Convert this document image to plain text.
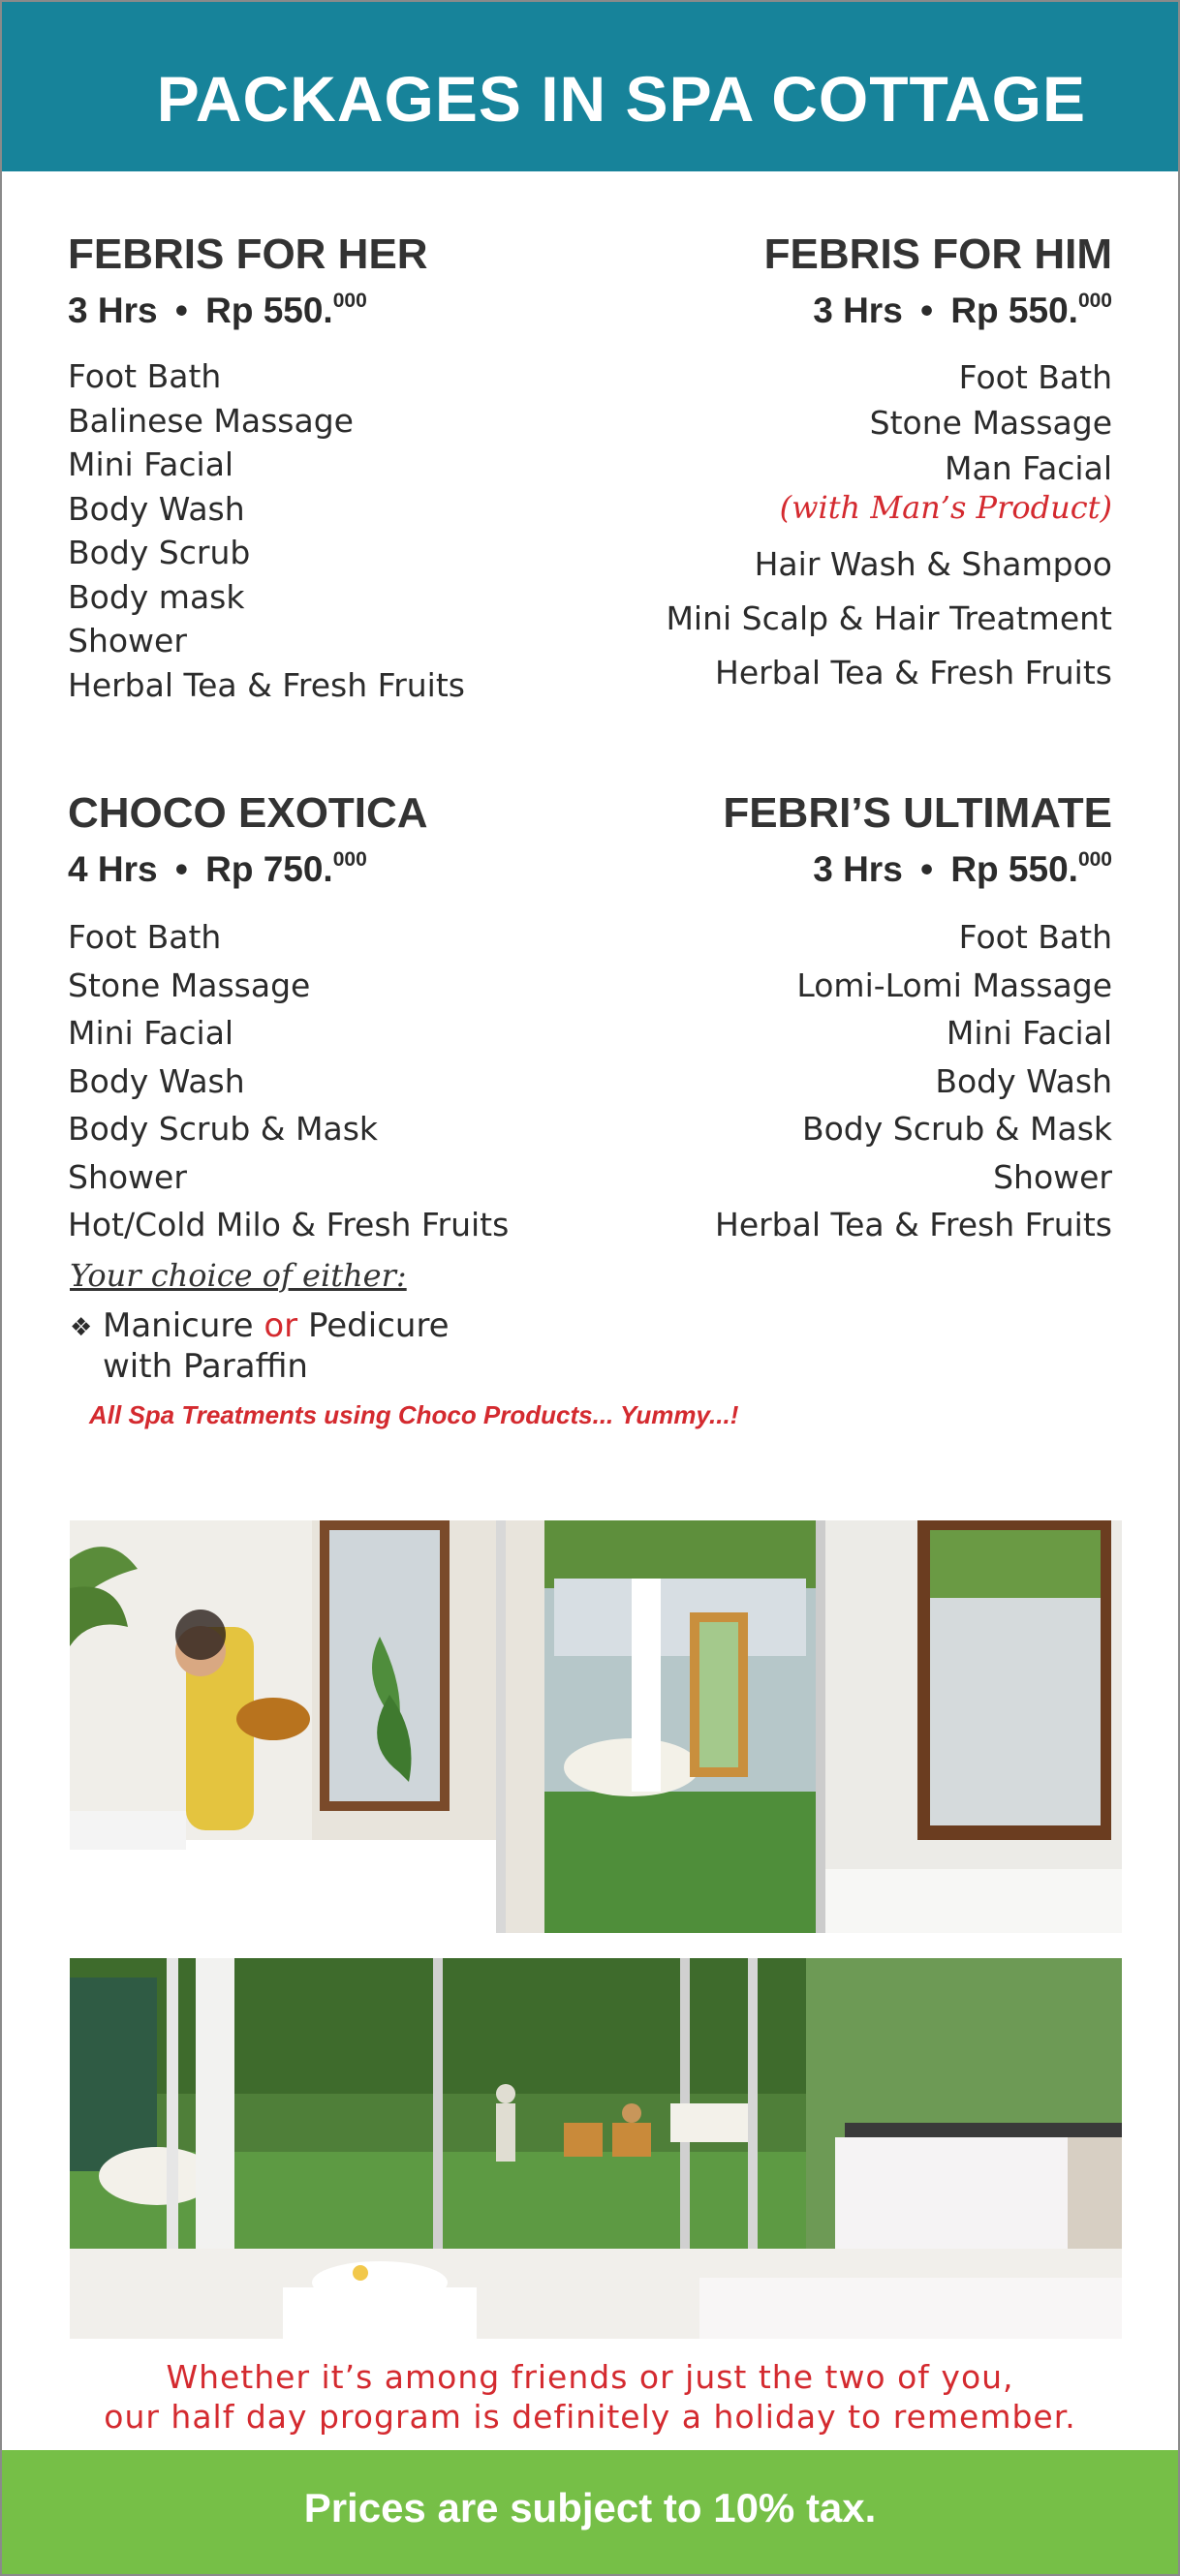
PACKAGES IN SPA COTTAGE
FEBRIS FOR HER
3 Hrs • Rp 550.$^{000}$
Foot Bath
Balinese Massage
Mini Facial
Body Wash
Body Scrub
Body mask
Shower
Herbal Tea & Fresh Fruits
FEBRIS FOR HIM
3 Hrs • Rp 550.$^{000}$
Foot Bath
Stone Massage
Man Facial
(with Man’s Product)
Hair Wash & Shampoo
Mini Scalp & Hair Treatment
Herbal Tea & Fresh Fruits
CHOCO EXOTICA
4 Hrs • Rp 750.$^{000}$
Foot Bath
Stone Massage
Mini Facial
Body Wash
Body Scrub & Mask
Shower
Hot/Cold Milo & Fresh Fruits
FEBRI’S ULTIMATE
3 Hrs • Rp 550.$^{000}$
Foot Bath
Lomi-Lomi Massage
Mini Facial
Body Wash
Body Scrub & Mask
Shower
Herbal Tea & Fresh Fruits
Your choice of either:
❖ Manicure or Pedicure
with Paraffin
All Spa Treatments using Choco Products... Yummy...!
Whether it’s among friends or just the two of you,
our half day program is definitely a holiday to remember.

Prices are subject to 10% tax.
